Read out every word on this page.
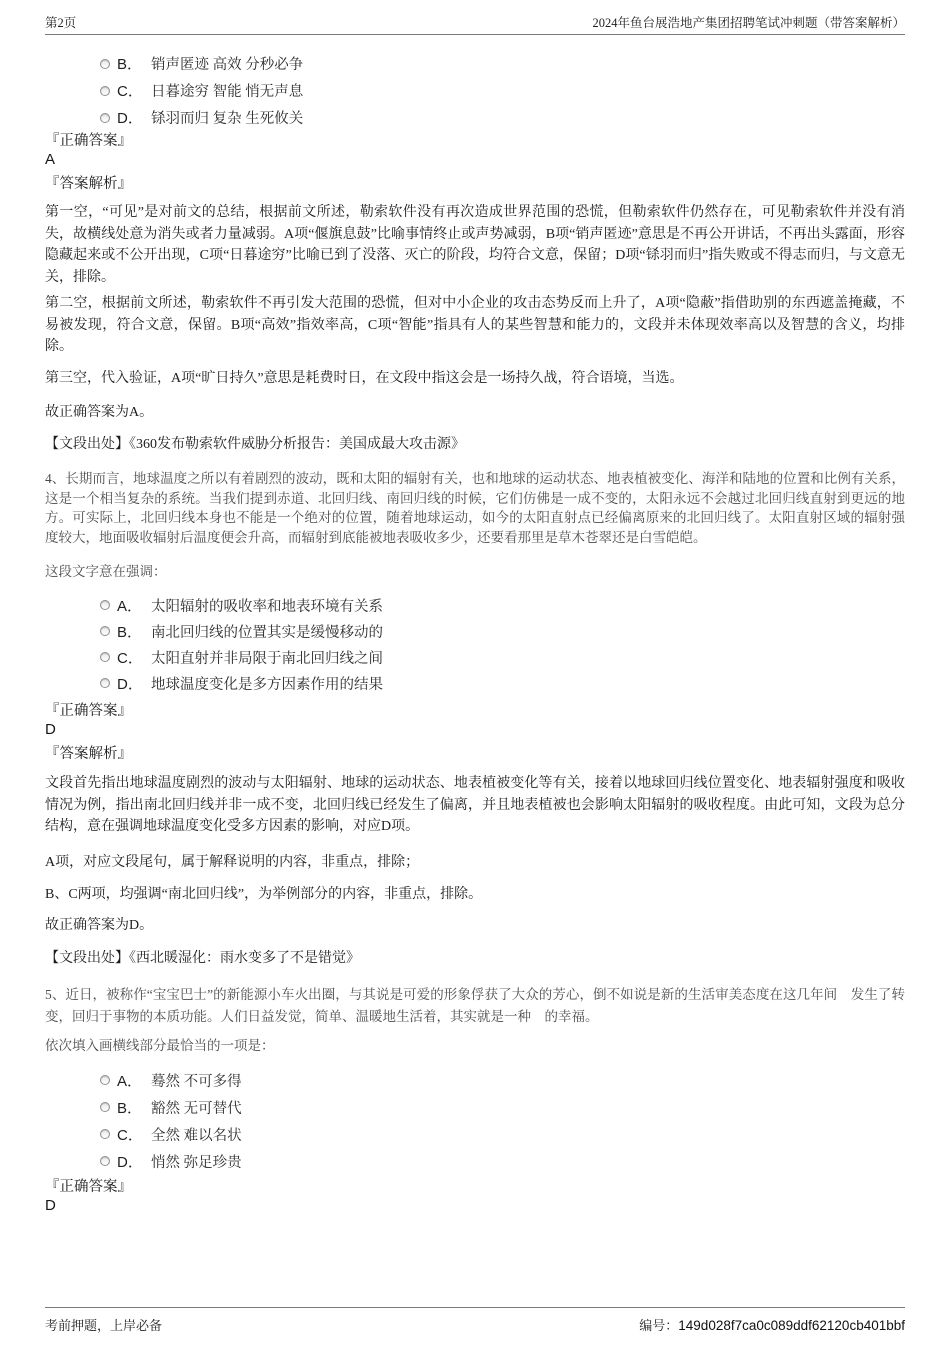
第2页	2024年鱼台展浩地产集团招聘笔试冲刺题（带答案解析）
B． 销声匿迹 高效 分秒必争
C． 日暮途穷 智能 悄无声息
D． 铩羽而归 复杂 生死攸关
『正确答案』
A
『答案解析』
第一空，“可见”是对前文的总结，根据前文所述，勒索软件没有再次造成世界范围的恐慌，但勒索软件仍然存在，可见勒索软件并没有消失，故横线处意为消失或者力量减弱。A项“偃旗息鼓”比喻事情终止或声势减弱，B项“销声匿迹”意思是不再公开讲话，不再出头露面，形容隐藏起来或不公开出现，C项“日暮途穷”比喻已到了没落、灭亡的阶段，均符合文意，保留；D项“铩羽而归”指失败或不得志而归，与文意无关，排除。
第二空，根据前文所述，勒索软件不再引发大范围的恐慌，但对中小企业的攻击态势反而上升了，A项“隐蔽”指借助别的东西遮盖掩藏，不易被发现，符合文意，保留。B项“高效”指效率高，C项“智能”指具有人的某些智慧和能力的，文段并未体现效率高以及智慧的含义，均排除。
第三空，代入验证，A项“旷日持久”意思是耗费时日，在文段中指这会是一场持久战，符合语境，当选。
故正确答案为A。
【文段出处】《360发布勒索软件威胁分析报告：美国成最大攻击源》
4、长期而言，地球温度之所以有着剧烈的波动，既和太阳的辐射有关，也和地球的运动状态、地表植被变化、海洋和陆地的位置和比例有关系，这是一个相当复杂的系统。当我们提到赤道、北回归线、南回归线的时候，它们仿佛是一成不变的，太阳永远不会越过北回归线直射到更远的地方。可实际上，北回归线本身也不能是一个绝对的位置，随着地球运动，如今的太阳直射点已经偏离原来的北回归线了。太阳直射区域的辐射强度较大，地面吸收辐射后温度便会升高，而辐射到底能被地表吸收多少，还要看那里是草木苍翠还是白雪皑皑。
这段文字意在强调：
A． 太阳辐射的吸收率和地表环境有关系
B． 南北回归线的位置其实是缓慢移动的
C． 太阳直射并非局限于南北回归线之间
D． 地球温度变化是多方因素作用的结果
『正确答案』
D
『答案解析』
文段首先指出地球温度剧烈的波动与太阳辐射、地球的运动状态、地表植被变化等有关，接着以地球回归线位置变化、地表辐射强度和吸收情况为例，指出南北回归线并非一成不变，北回归线已经发生了偏离，并且地表植被也会影响太阳辐射的吸收程度。由此可知，文段为总分结构，意在强调地球温度变化受多方因素的影响，对应D项。
A项，对应文段尾句，属于解释说明的内容，非重点，排除；
B、C两项，均强调“南北回归线”，为举例部分的内容，非重点，排除。
故正确答案为D。
【文段出处】《西北暖湿化：雨水变多了不是错觉》
5、近日，被称作“宝宝巴士”的新能源小车火出圈，与其说是可爱的形象俘获了大众的芳心，倒不如说是新的生活审美态度在这几年间　发生了转变，回归于事物的本质功能。人们日益发觉，简单、温暖地生活着，其实就是一种　的幸福。
依次填入画横线部分最恰当的一项是：
A． 蓦然 不可多得
B． 豁然 无可替代
C． 全然 难以名状
D． 悄然 弥足珍贵
『正确答案』
D
考前押题，上岸必备	编号： 149d028f7ca0c089ddf62120cb401bbf
